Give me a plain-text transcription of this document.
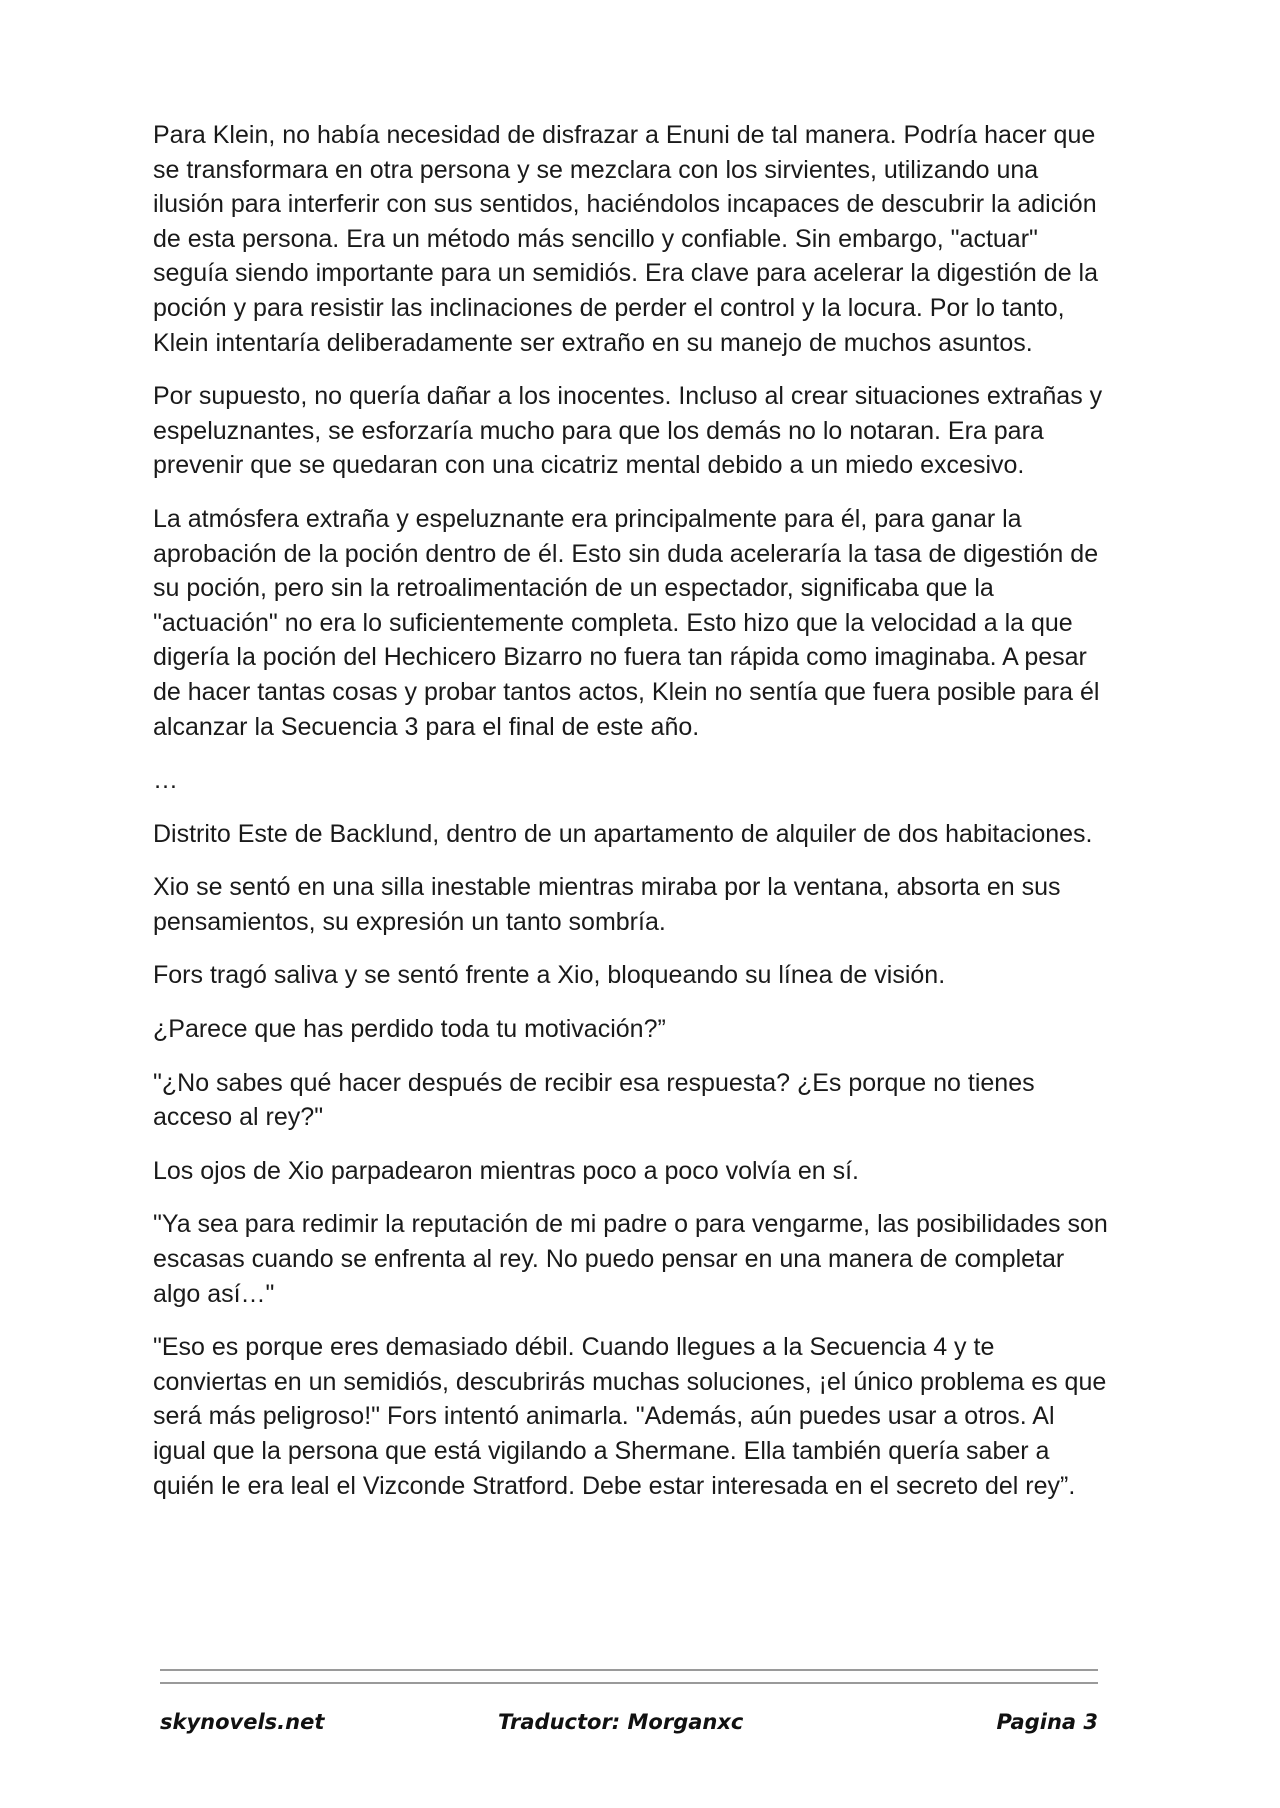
Para Klein, no había necesidad de disfrazar a Enuni de tal manera. Podría hacer que se transformara en otra persona y se mezclara con los sirvientes, utilizando una ilusión para interferir con sus sentidos, haciéndolos incapaces de descubrir la adición de esta persona. Era un método más sencillo y confiable. Sin embargo, "actuar" seguía siendo importante para un semidiós. Era clave para acelerar la digestión de la poción y para resistir las inclinaciones de perder el control y la locura. Por lo tanto, Klein intentaría deliberadamente ser extraño en su manejo de muchos asuntos.

Por supuesto, no quería dañar a los inocentes. Incluso al crear situaciones extrañas y espeluznantes, se esforzaría mucho para que los demás no lo notaran. Era para prevenir que se quedaran con una cicatriz mental debido a un miedo excesivo.

La atmósfera extraña y espeluznante era principalmente para él, para ganar la aprobación de la poción dentro de él. Esto sin duda aceleraría la tasa de digestión de su poción, pero sin la retroalimentación de un espectador, significaba que la "actuación" no era lo suficientemente completa. Esto hizo que la velocidad a la que digería la poción del Hechicero Bizarro no fuera tan rápida como imaginaba. A pesar de hacer tantas cosas y probar tantos actos, Klein no sentía que fuera posible para él alcanzar la Secuencia 3 para el final de este año.

…

Distrito Este de Backlund, dentro de un apartamento de alquiler de dos habitaciones.

Xio se sentó en una silla inestable mientras miraba por la ventana, absorta en sus pensamientos, su expresión un tanto sombría.

Fors tragó saliva y se sentó frente a Xio, bloqueando su línea de visión.

¿Parece que has perdido toda tu motivación?”

"¿No sabes qué hacer después de recibir esa respuesta? ¿Es porque no tienes acceso al rey?"

Los ojos de Xio parpadearon mientras poco a poco volvía en sí.

"Ya sea para redimir la reputación de mi padre o para vengarme, las posibilidades son escasas cuando se enfrenta al rey. No puedo pensar en una manera de completar algo así…"

"Eso es porque eres demasiado débil. Cuando llegues a la Secuencia 4 y te conviertas en un semidiós, descubrirás muchas soluciones, ¡el único problema es que será más peligroso!" Fors intentó animarla. "Además, aún puedes usar a otros. Al igual que la persona que está vigilando a Shermane. Ella también quería saber a quién le era leal el Vizconde Stratford. Debe estar interesada en el secreto del rey”.

skynovels.net	Traductor: Morganxc	Pagina 3
